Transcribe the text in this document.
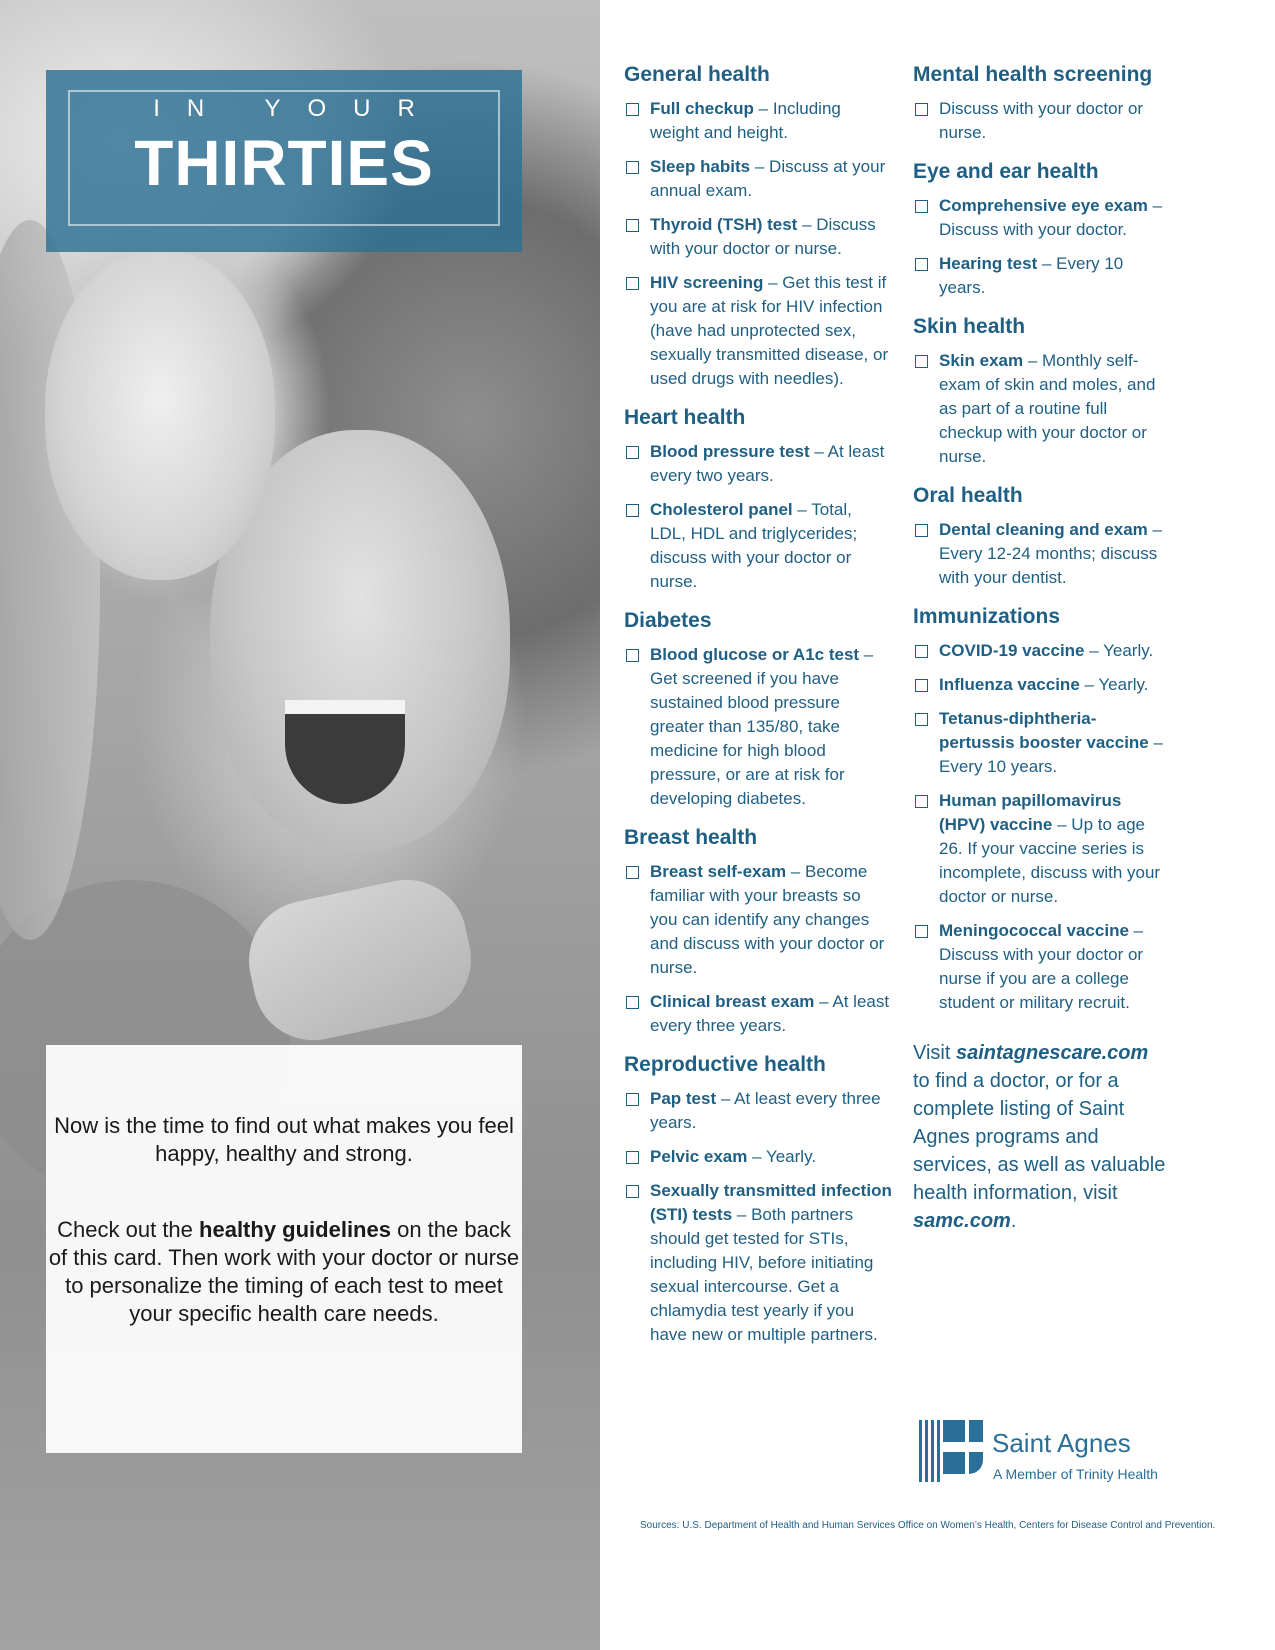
IN YOUR
THIRTIES
Now is the time to find out what makes you feel happy, healthy and strong.
Check out the healthy guidelines on the back of this card. Then work with your doctor or nurse to personalize the timing of each test to meet your specific health care needs.
General health
Full checkup – Including weight and height.
Sleep habits – Discuss at your annual exam.
Thyroid (TSH) test – Discuss with your doctor or nurse.
HIV screening – Get this test if you are at risk for HIV infection (have had unprotected sex, sexually transmitted disease, or used drugs with needles).
Heart health
Blood pressure test – At least every two years.
Cholesterol panel – Total, LDL, HDL and triglycerides; discuss with your doctor or nurse.
Diabetes
Blood glucose or A1c test – Get screened if you have sustained blood pressure greater than 135/80, take medicine for high blood pressure, or are at risk for developing diabetes.
Breast health
Breast self-exam – Become familiar with your breasts so you can identify any changes and discuss with your doctor or nurse.
Clinical breast exam – At least every three years.
Reproductive health
Pap test – At least every three years.
Pelvic exam – Yearly.
Sexually transmitted infection (STI) tests – Both partners should get tested for STIs, including HIV, before initiating sexual intercourse. Get a chlamydia test yearly if you have new or multiple partners.
Mental health screening
Discuss with your doctor or nurse.
Eye and ear health
Comprehensive eye exam – Discuss with your doctor.
Hearing test – Every 10 years.
Skin health
Skin exam – Monthly self-exam of skin and moles, and as part of a routine full checkup with your doctor or nurse.
Oral health
Dental cleaning and exam – Every 12-24 months; discuss with your dentist.
Immunizations
COVID-19 vaccine – Yearly.
Influenza vaccine – Yearly.
Tetanus-diphtheria-pertussis booster vaccine – Every 10 years.
Human papillomavirus (HPV) vaccine – Up to age 26. If your vaccine series is incomplete, discuss with your doctor or nurse.
Meningococcal vaccine – Discuss with your doctor or nurse if you are a college student or military recruit.
Visit saintagnescare.com to find a doctor, or for a complete listing of Saint Agnes programs and services, as well as valuable health information, visit samc.com.
Saint Agnes
A Member of Trinity Health
Sources: U.S. Department of Health and Human Services Office on Women’s Health, Centers for Disease Control and Prevention.
